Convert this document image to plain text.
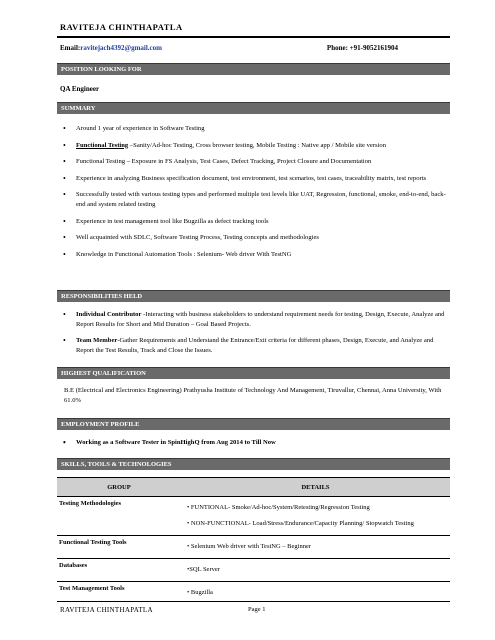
RAVITEJA CHINTHAPATLA
Email:ravitejach4392@gmail.com	Phone: +91-9052161904
POSITION LOOKING FOR
QA Engineer
SUMMARY
• Around 1 year of experience in Software Testing
• Functional Testing –Sanity/Ad-hoc Testing, Cross browser testing, Mobile Testing : Native app / Mobile site version
• Functional Testing – Exposure in FS Analysis, Test Cases, Defect Tracking, Project Closure and Documentation
• Experience in analyzing Business specification document, test environment, test scenarios, test cases, traceability matrix, test reports
• Successfully tested with various testing types and performed multiple test levels like UAT, Regression, functional, smoke, end-to-end, back-end and system related testing
• Experience in test management tool like Bugzilla as defect tracking tools
• Well acquainted with SDLC, Software Testing Process, Testing concepts and methodologies
• Knowledge in Functional Automation Tools : Selenium- Web driver With TestNG
RESPONSIBILITIES HELD
• Individual Contributor -Interacting with business stakeholders to understand requirement needs for testing, Design, Execute, Analyze and Report Results for Short and Mid Duration – Goal Based Projects.
• Team Member-Gather Requirements and Understand the Entrance/Exit criteria for different phases, Design, Execute, and Analyze and Report the Test Results, Track and Close the Issues.
HIGHEST QUALIFICATION
B.E (Electrical and Electronics Engineering) Prathyusha Institute of Technology And Management, Tiruvallur, Chennai, Anna University, With 61.0%
EMPLOYMENT PROFILE
• Working as a Software Tester in SpinHighQ from Aug 2014 to Till Now
SKILLS, TOOLS & TECHNOLOGIES
GROUP	DETAILS
Testing Methodologies	• FUNTIONAL- Smoke/Ad-hoc/System/Retesting/Regression Testing
• NON-FUNCTIONAL- Load/Stress/Endurance/Capacity Planning/ Stopwatch Testing

Functional Testing Tools	• Selenium Web driver with TestNG – Beginner

Databases	•SQL Server

Test Management Tools	• Bugzilla
RAVITEJA CHINTHAPATLA	Page 1
